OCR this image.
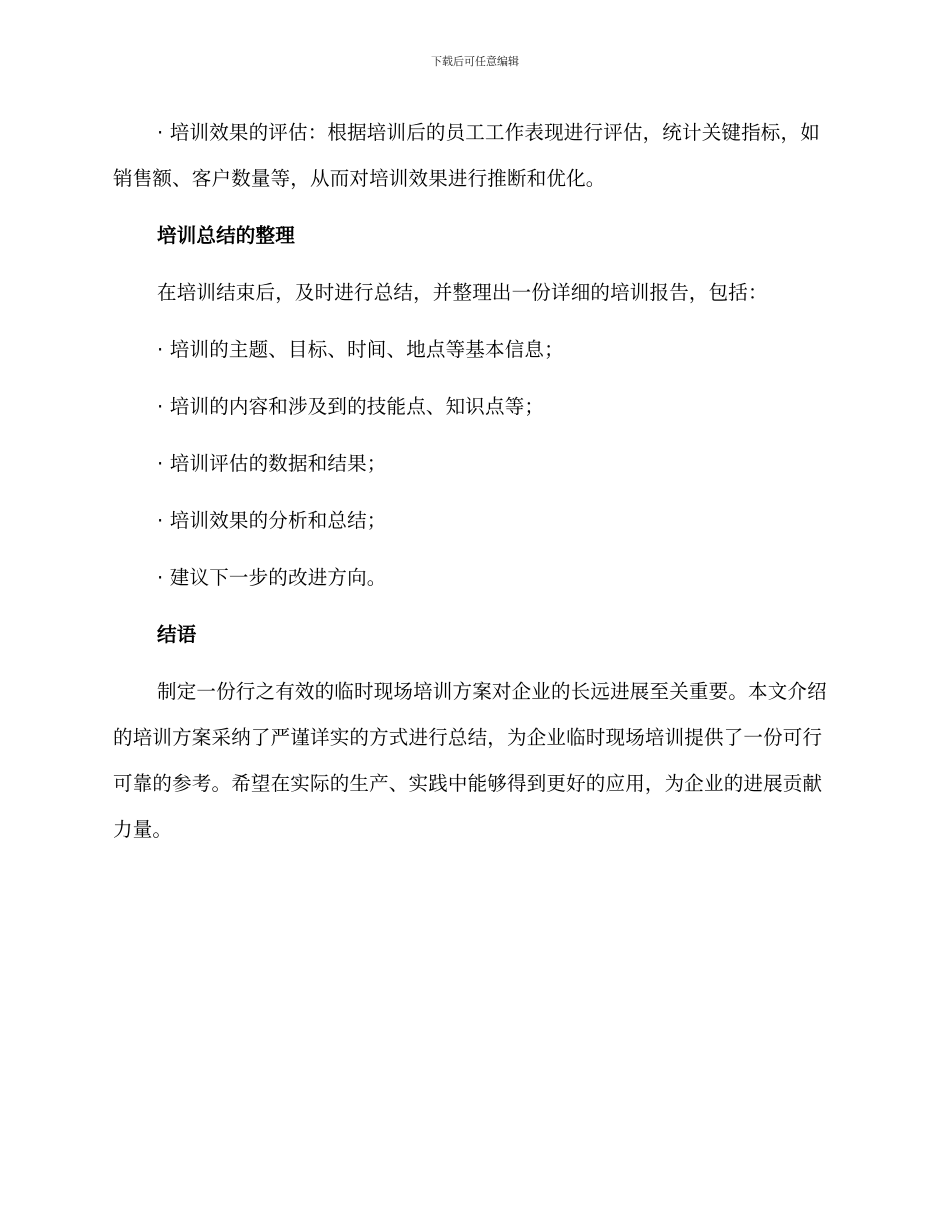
下载后可任意编辑

· 培训效果的评估：根据培训后的员工工作表现进行评估，统计关键指标，如销售额、客户数量等，从而对培训效果进行推断和优化。

培训总结的整理

在培训结束后，及时进行总结，并整理出一份详细的培训报告，包括：

· 培训的主题、目标、时间、地点等基本信息；

· 培训的内容和涉及到的技能点、知识点等；

· 培训评估的数据和结果；

· 培训效果的分析和总结；

· 建议下一步的改进方向。

结语

制定一份行之有效的临时现场培训方案对企业的长远进展至关重要。本文介绍的培训方案采纳了严谨详实的方式进行总结，为企业临时现场培训提供了一份可行可靠的参考。希望在实际的生产、实践中能够得到更好的应用，为企业的进展贡献力量。
